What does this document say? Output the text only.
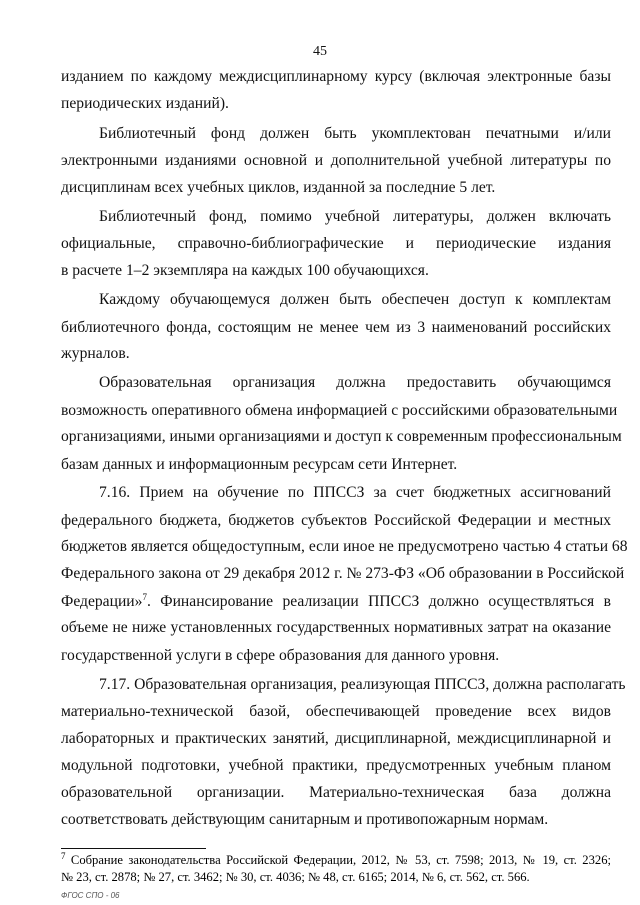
45
изданием по каждому междисциплинарному курсу (включая электронные базы
периодических изданий).
Библиотечный фонд должен быть укомплектован печатными и/или
электронными изданиями основной и дополнительной учебной литературы по
дисциплинам всех учебных циклов, изданной за последние 5 лет.
Библиотечный фонд, помимо учебной литературы, должен включать
официальные, справочно-библиографические и периодические издания
в расчете 1–2 экземпляра на каждых 100 обучающихся.
Каждому обучающемуся должен быть обеспечен доступ к комплектам
библиотечного фонда, состоящим не менее чем из 3 наименований российских
журналов.
Образовательная организация должна предоставить обучающимся
возможность оперативного обмена информацией с российскими образовательными
организациями, иными организациями и доступ к современным профессиональным
базам данных и информационным ресурсам сети Интернет.
7.16. Прием на обучение по ППССЗ за счет бюджетных ассигнований
федерального бюджета, бюджетов субъектов Российской Федерации и местных
бюджетов является общедоступным, если иное не предусмотрено частью 4 статьи 68
Федерального закона от 29 декабря 2012 г. № 273-ФЗ «Об образовании в Российской
Федерации»$^7$. Финансирование реализации ППССЗ должно осуществляться в
объеме не ниже установленных государственных нормативных затрат на оказание
государственной услуги в сфере образования для данного уровня.
7.17. Образовательная организация, реализующая ППССЗ, должна располагать
материально-технической базой, обеспечивающей проведение всех видов
лабораторных и практических занятий, дисциплинарной, междисциплинарной и
модульной подготовки, учебной практики, предусмотренных учебным планом
образовательной организации. Материально-техническая база должна
соответствовать действующим санитарным и противопожарным нормам.
$^7$ Собрание законодательства Российской Федерации, 2012, № 53, ст. 7598; 2013, № 19, ст. 2326;
№ 23, ст. 2878; № 27, ст. 3462; № 30, ст. 4036; № 48, ст. 6165; 2014, № 6, ст. 562, ст. 566.
ФГОС СПО - 06
